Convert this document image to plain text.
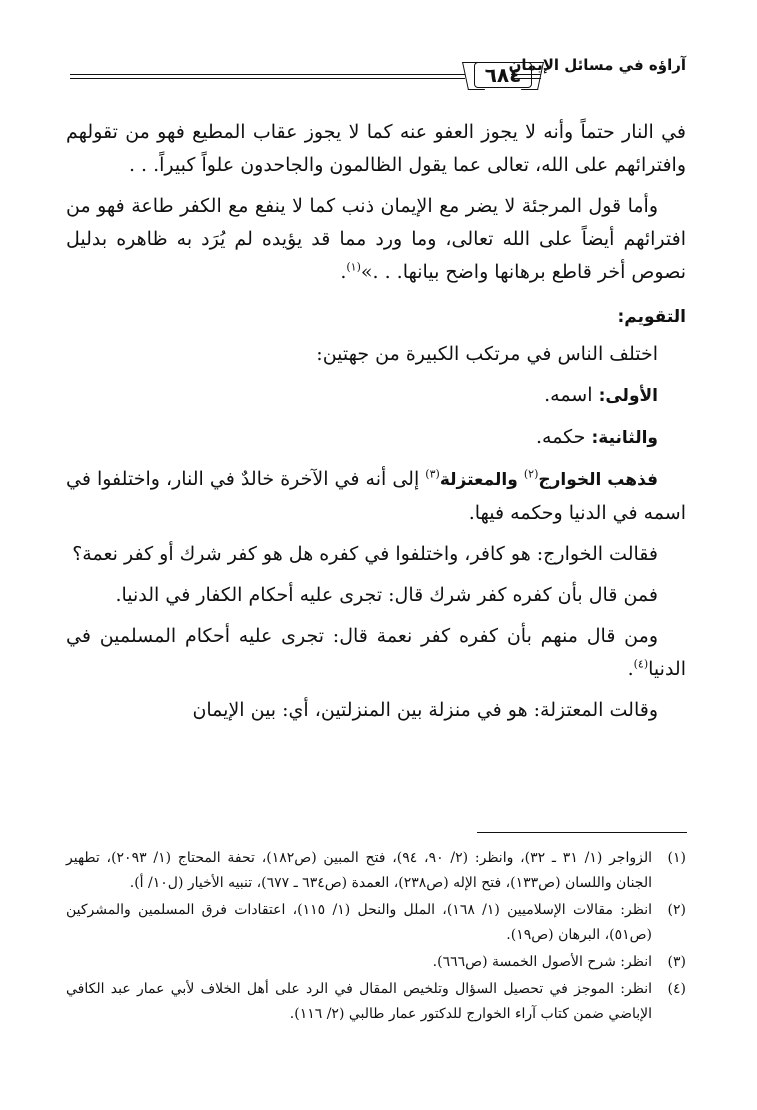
آراؤه في مسائل الإيمان
٦٨٤

في النار حتماً وأنه لا يجوز العفو عنه كما لا يجوز عقاب المطيع فهو من تقولهم وافترائهم على الله، تعالى عما يقول الظالمون والجاحدون علواً كبيراً. . .

وأما قول المرجئة لا يضر مع الإيمان ذنب كما لا ينفع مع الكفر طاعة فهو من افترائهم أيضاً على الله تعالى، وما ورد مما قد يؤيده لم يُرَد به ظاهره بدليل نصوص أخر قاطع برهانها واضح بيانها. . .»$^{(١)}$.

التقويم:

اختلف الناس في مرتكب الكبيرة من جهتين:

الأولى: اسمه.

والثانية: حكمه.

فذهب الخوارج$^{(٢)}$ والمعتزلة$^{(٣)}$ إلى أنه في الآخرة خالدٌ في النار، واختلفوا في اسمه في الدنيا وحكمه فيها.

فقالت الخوارج: هو كافر، واختلفوا في كفره هل هو كفر شرك أو كفر نعمة؟

فمن قال بأن كفره كفر شرك قال: تجرى عليه أحكام الكفار في الدنيا.

ومن قال منهم بأن كفره كفر نعمة قال: تجرى عليه أحكام المسلمين في الدنيا$^{(٤)}$.

وقالت المعتزلة: هو في منزلة بين المنزلتين، أي: بين الإيمان

(١)
الزواجر (١/ ٣١ ـ ٣٢)، وانظر: (٢/ ٩٠، ٩٤)، فتح المبين (ص١٨٢)، تحفة المحتاج (١/ ٢٠٩٣)، تطهير الجنان واللسان (ص١٣٣)، فتح الإله (ص٢٣٨)، العمدة (ص٦٣٤ ـ ٦٧٧)، تنبيه الأخيار (ل١٠/ أ).
(٢)
انظر: مقالات الإسلاميين (١/ ١٦٨)، الملل والنحل (١/ ١١٥)، اعتقادات فرق المسلمين والمشركين (ص٥١)، البرهان (ص١٩).
(٣)
انظر: شرح الأصول الخمسة (ص٦٦٦).
(٤)
انظر: الموجز في تحصيل السؤال وتلخيص المقال في الرد على أهل الخلاف لأبي عمار عبد الكافي الإباضي ضمن كتاب آراء الخوارج للدكتور عمار طالبي (٢/ ١١٦).
